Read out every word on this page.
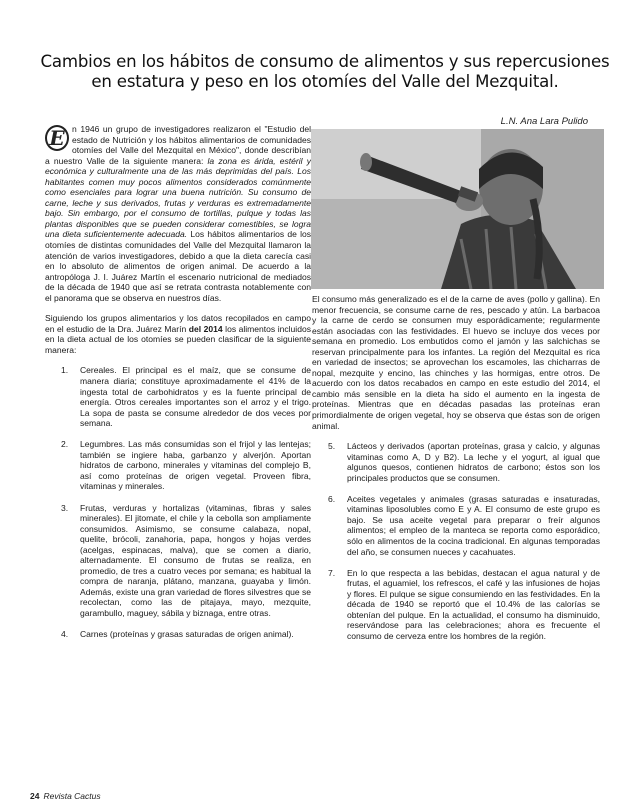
Cambios en los hábitos de consumo de alimentos y sus repercusiones
en estatura y peso en los otomíes del Valle del Mezquital.
L.N. Ana Lara Pulido

E n 1946 un grupo de investigadores realizaron el "Estudio del estado de Nutrición y los hábitos alimentarios de comunidades otomíes del Valle del Mezquital en México", donde describían a nuestro Valle de la siguiente manera: la zona es árida, estéril y económica y culturalmente una de las más deprimidas del país. Los habitantes comen muy pocos alimentos considerados comúnmente como esenciales para lograr una buena nutrición. Su consumo de carne, leche y sus derivados, frutas y verduras es extremadamente bajo. Sin embargo, por el consumo de tortillas, pulque y todas las plantas disponibles que se pueden considerar comestibles, se logra una dieta suficientemente adecuada. Los hábitos alimentarios de los otomíes de distintas comunidades del Valle del Mezquital llamaron la atención de varios investigadores, debido a que la dieta carecía casi en lo absoluto de alimentos de origen animal. De acuerdo a la antropóloga J. I. Juárez Martín el escenario nutricional de mediados de la década de 1940 que así se retrata contrasta notablemente con el panorama que se observa en nuestros días.

Siguiendo los grupos alimentarios y los datos recopilados en campo en el estudio de la Dra. Juárez Marín del 2014 los alimentos incluidos en la dieta actual de los otomíes se pueden clasificar de la siguiente manera:

1. Cereales. El principal es el maíz, que se consume de manera diaria; constituye aproximadamente el 41% de la ingesta total de carbohidratos y es la fuente principal de energía. Otros cereales importantes son el arroz y el trigo. La sopa de pasta se consume alrededor de dos veces por semana.
2. Legumbres. Las más consumidas son el frijol y las lentejas; también se ingiere haba, garbanzo y alverjón. Aportan hidratos de carbono, minerales y vitaminas del complejo B, así como proteínas de origen vegetal. Proveen fibra, vitaminas y minerales.
3. Frutas, verduras y hortalizas (vitaminas, fibras y sales minerales). El jitomate, el chile y la cebolla son ampliamente consumidos. Asimismo, se consume calabaza, nopal, quelite, brócoli, zanahoria, papa, hongos y hojas verdes (acelgas, espinacas, malva), que se comen a diario, alternadamente. El consumo de frutas se realiza, en promedio, de tres a cuatro veces por semana; es habitual la compra de naranja, plátano, manzana, guayaba y limón. Además, existe una gran variedad de flores silvestres que se recolectan, como las de pitajaya, mayo, mezquite, garambullo, maguey, sábila y biznaga, entre otras.
4. Carnes (proteínas y grasas saturadas de origen animal).

El consumo más generalizado es el de la carne de aves (pollo y gallina). En menor frecuencia, se consume carne de res, pescado y atún. La barbacoa y la carne de cerdo se consumen muy esporádicamente; regularmente están asociadas con las festividades. El huevo se incluye dos veces por semana en promedio. Los embutidos como el jamón y las salchichas se reservan principalmente para los infantes. La región del Mezquital es rica en variedad de insectos; se aprovechan los escamoles, las chicharras de nopal, mezquite y encino, las chinches y las hormigas, entre otros. De acuerdo con los datos recabados en campo en este estudio del 2014, el cambio más sensible en la dieta ha sido el aumento en la ingesta de proteínas. Mientras que en décadas pasadas las proteínas eran primordialmente de origen vegetal, hoy se observa que éstas son de origen animal.

5. Lácteos y derivados (aportan proteínas, grasa y calcio, y algunas vitaminas como A, D y B2). La leche y el yogurt, al igual que algunos quesos, contienen hidratos de carbono; éstos son los principales productos que se consumen.
6. Aceites vegetales y animales (grasas saturadas e insaturadas, vitaminas liposolubles como E y A. El consumo de este grupo es bajo. Se usa aceite vegetal para preparar o freír algunos alimentos; el empleo de la manteca se reporta como esporádico, sólo en alimentos de la cocina tradicional. En algunas temporadas del año, se consumen nueces y cacahuates.
7. En lo que respecta a las bebidas, destacan el agua natural y de frutas, el aguamiel, los refrescos, el café y las infusiones de hojas y flores. El pulque se sigue consumiendo en las festividades. En la década de 1940 se reportó que el 10.4% de las calorías se obtenían del pulque. En la actualidad, el consumo ha disminuido, reservándose para las celebraciones; ahora es frecuente el consumo de cerveza entre los hombres de la región.
24 Revista Cactus
